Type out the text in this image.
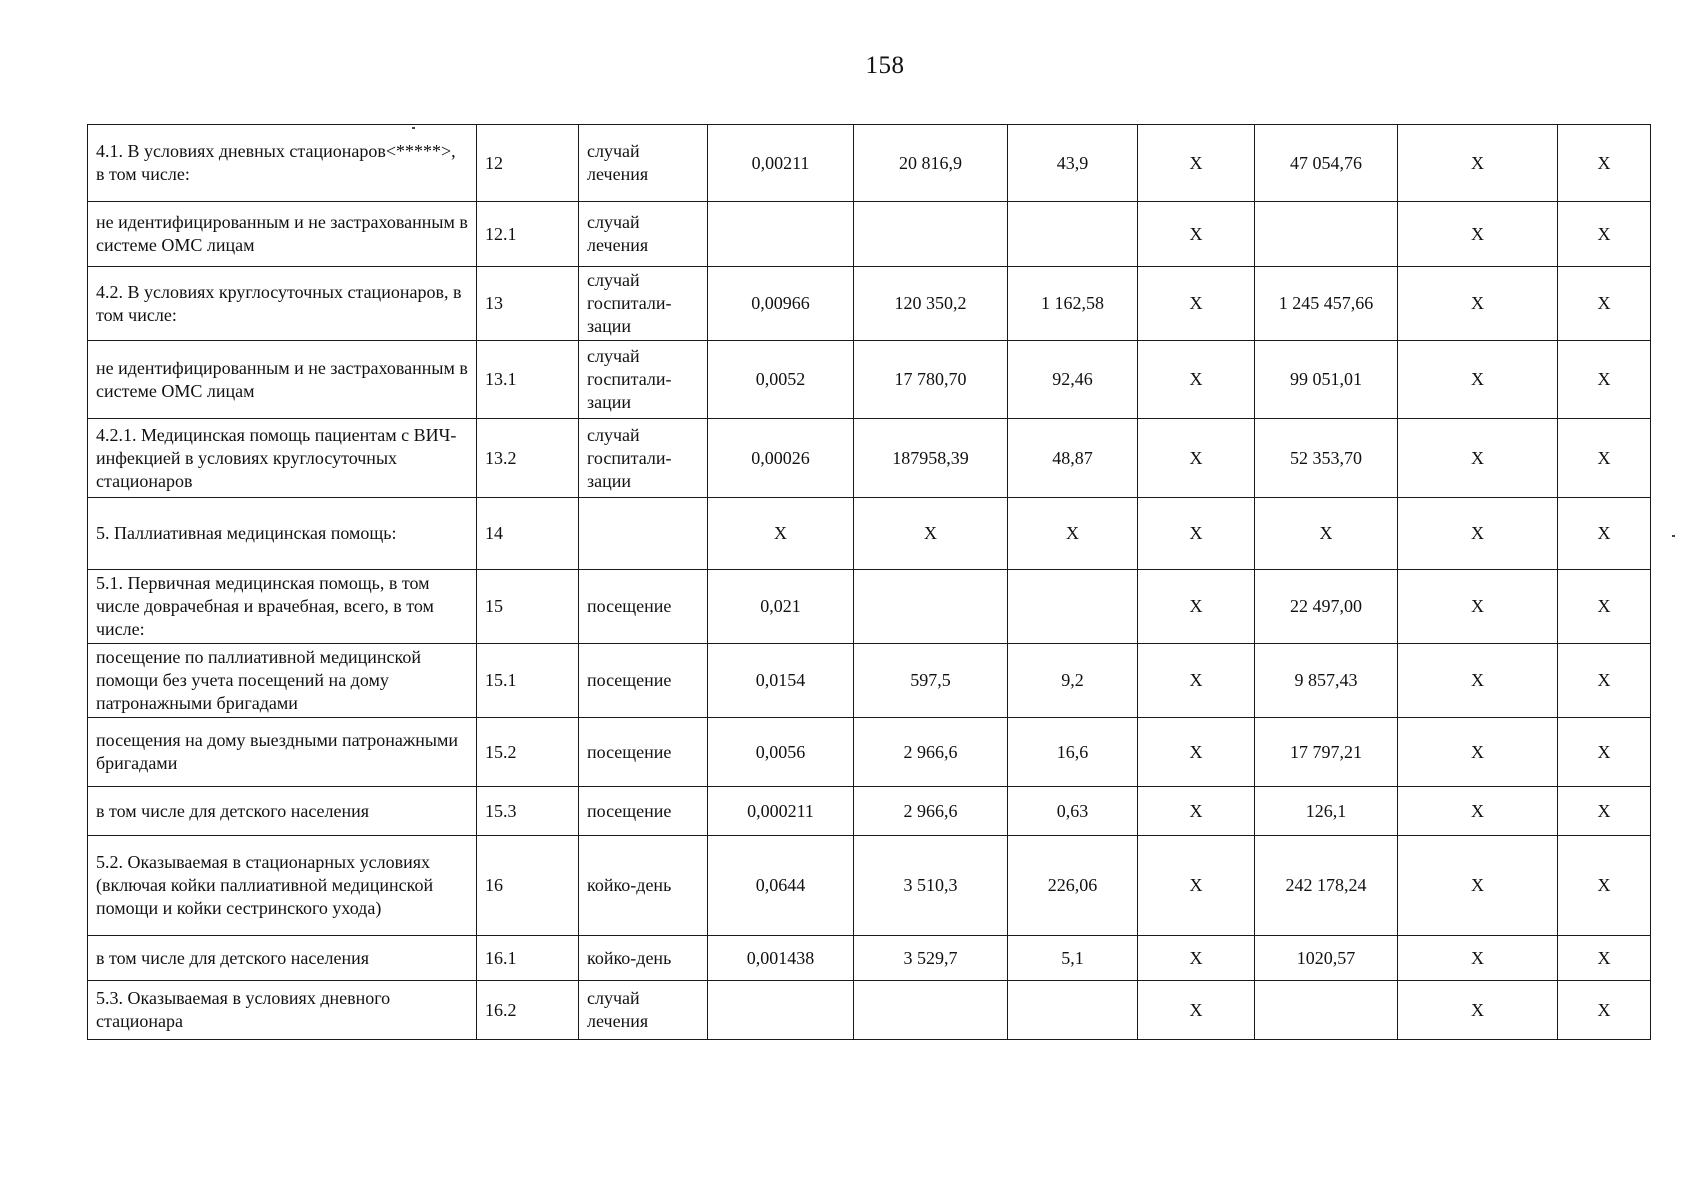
158
4.1. В условиях дневных стационаров<*****>, в том числе:	12	случай лечения	0,00211	20 816,9	43,9	X	47 054,76	X	X
не идентифицированным и не застрахованным в системе ОМС лицам	12.1	случай лечения				X		X	X
4.2. В условиях круглосуточных стационаров, в том числе:	13	случай госпитали-зации	0,00966	120 350,2	1 162,58	X	1 245 457,66	X	X
не идентифицированным и не застрахованным в системе ОМС лицам	13.1	случай госпитали-зации	0,0052	17 780,70	92,46	X	99 051,01	X	X
4.2.1. Медицинская помощь пациентам с ВИЧ-инфекцией в условиях круглосуточных стационаров	13.2	случай госпитали-зации	0,00026	187958,39	48,87	X	52 353,70	X	X
5. Паллиативная медицинская помощь:	14		X	X	X	X	X	X	X
5.1. Первичная медицинская помощь, в том числе доврачебная и врачебная, всего, в том числе:	15	посещение	0,021			X	22 497,00	X	X
посещение по паллиативной медицинской помощи без учета посещений на дому патронажными бригадами	15.1	посещение	0,0154	597,5	9,2	X	9 857,43	X	X
посещения на дому выездными патронажными бригадами	15.2	посещение	0,0056	2 966,6	16,6	X	17 797,21	X	X
в том числе для детского населения	15.3	посещение	0,000211	2 966,6	0,63	X	126,1	X	X
5.2. Оказываемая в стационарных условиях (включая койки паллиативной медицинской помощи и койки сестринского ухода)	16	койко-день	0,0644	3 510,3	226,06	X	242 178,24	X	X
в том числе для детского населения	16.1	койко-день	0,001438	3 529,7	5,1	X	1020,57	X	X
5.3. Оказываемая в условиях дневного стационара	16.2	случай лечения				X		X	X
